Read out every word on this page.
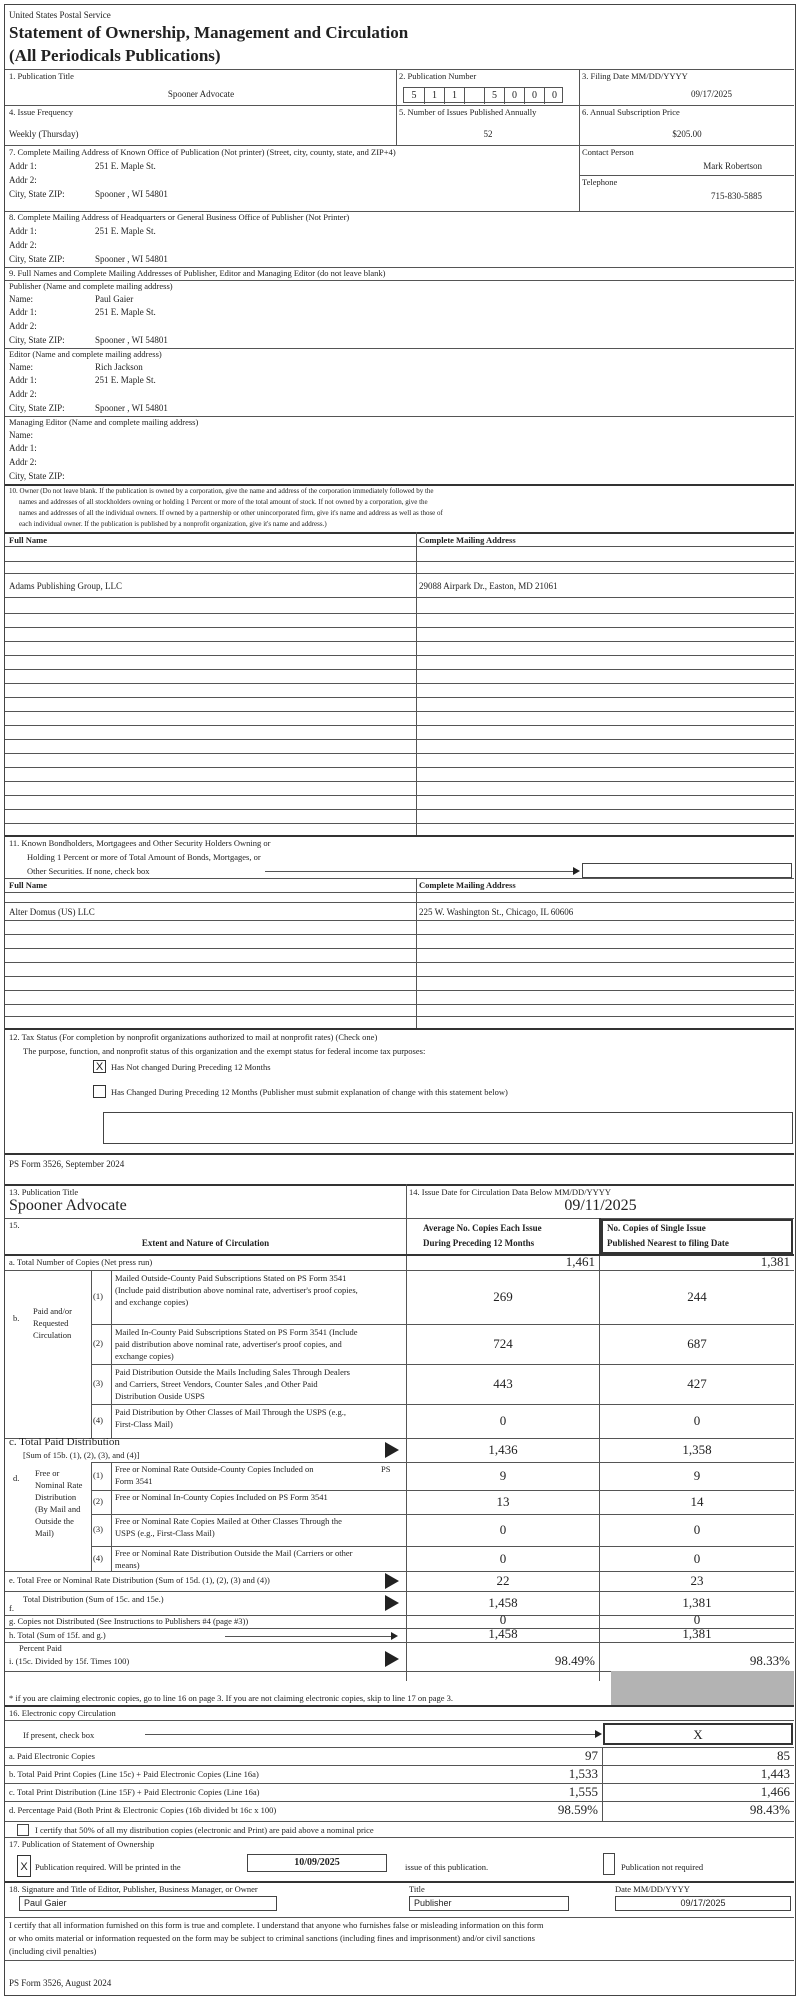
United States Postal Service
Statement of Ownership, Management and Circulation
(All Periodicals Publications)
1. Publication Title
Spooner Advocate
2. Publication Number
5	1	1	5	0	0	0
3. Filing Date MM/DD/YYYY
09/17/2025
4. Issue Frequency
Weekly (Thursday)
5. Number of Issues Published Annually
52
6. Annual Subscription Price
$205.00
7. Complete Mailing Address of Known Office of Publication (Not printer) (Street, city, county, state, and ZIP+4)
Addr 1:	251 E. Maple St.
Addr 2:
City, State ZIP:	Spooner , WI 54801
Contact Person
Mark Robertson
Telephone
715-830-5885
8. Complete Mailing Address of Headquarters or General Business Office of Publisher (Not Printer)
Addr 1:	251 E. Maple St.
Addr 2:
City, State ZIP:	Spooner , WI 54801
9. Full Names and Complete Mailing Addresses of Publisher, Editor and Managing Editor (do not leave blank)
Publisher (Name and complete mailing address)
Name:	Paul Gaier
Addr 1:	251 E. Maple St.
Addr 2:
City, State ZIP:	Spooner , WI 54801
Editor (Name and complete mailing address)
Name:	Rich Jackson
Addr 1:	251 E. Maple St.
Addr 2:
City, State ZIP:	Spooner , WI 54801
Managing Editor (Name and complete mailing address)
Name:
Addr 1:
Addr 2:
City, State ZIP:
10. Owner (Do not leave blank. If the publication is owned by a corporation, give the name and address of the corporation immediately followed by the
names and addresses of all stockholders owning or holding 1 Percent or more of the total amount of stock. If not owned by a corporation, give the
names and addresses of all the individual owners. If owned by a partnership or other unincorporated firm, give it's name and address as well as those of
each individual owner. If the publication is published by a nonprofit organization, give it's name and address.)
Full Name	Complete Mailing Address
Adams Publishing Group, LLC	29088 Airpark Dr., Easton, MD 21061
11. Known Bondholders, Mortgagees and Other Security Holders Owning or
Holding 1 Percent or more of Total Amount of Bonds, Mortgages, or
Other Securities. If none, check box
Full Name	Complete Mailing Address
Alter Domus (US) LLC	225 W. Washington St., Chicago, IL 60606
12. Tax Status (For completion by nonprofit organizations authorized to mail at nonprofit rates) (Check one)
The purpose, function, and nonprofit status of this organization and the exempt status for federal income tax purposes:
X Has Not changed During Preceding 12 Months
Has Changed During Preceding 12 Months (Publisher must submit explanation of change with this statement below)
PS Form 3526, September 2024
13. Publication Title
Spooner Advocate
14. Issue Date for Circulation Data Below MM/DD/YYYY
09/11/2025
15.
Extent and Nature of Circulation
Average No. Copies Each Issue
During Preceding 12 Months
No. Copies of Single Issue
Published Nearest to filing Date
a. Total Number of Copies (Net press run)	1,461	1,381
b.
Paid and/or
Requested
Circulation
c. Total Paid Distribution
[Sum of 15b. (1), (2), (3), and (4)]	1,436	1,358
d. Free or
Nominal Rate
Distribution
(By Mail and
Outside the
Mail)
e. Total Free or Nominal Rate Distribution (Sum of 15d. (1), (2), (3) and (4))	22	23
Total Distribution (Sum of 15c. and 15e.)
f.	1,458	1,381
g. Copies not Distributed (See Instructions to Publishers #4 (page #3))	0	0
h. Total (Sum of 15f. and g.)	1,458	1,381
Percent Paid
i. (15c. Divided by 15f. Times 100)	98.49%	98.33%
* if you are claiming electronic copies, go to line 16 on page 3. If you are not claiming electronic copies, skip to line 17 on page 3.
16. Electronic copy Circulation
If present, check box	X
I certify that 50% of all my distribution copies (electronic and Print) are paid above a nominal price
17. Publication of Statement of Ownership
X Publication required. Will be printed in the	10/09/2025	issue of this publication.	Publication not required
18. Signature and Title of Editor, Publisher, Business Manager, or Owner
Paul Gaier
Title
Publisher
Date MM/DD/YYYY
09/17/2025
I certify that all information furnished on this form is true and complete. I understand that anyone who furnishes false or misleading information on this form
or who omits material or information requested on the form may be subject to criminal sanctions (including fines and imprisonment) and/or civil sanctions
(including civil penalties)
PS Form 3526, August 2024
(1)
Mailed Outside-County Paid Subscriptions Stated on PS Form 3541
(Include paid distribution above nominal rate, advertiser's proof copies,
and exchange copies)	269	244
(2)
Mailed In-County Paid Subscriptions Stated on PS Form 3541 (Include
paid distribution above nominal rate, advertiser's proof copies, and
exchange copies)
724	687
(3)
Paid Distribution Outside the Mails Including Sales Through Dealers
and Carriers, Street Vendors, Counter Sales ,and Other Paid
Distribution Ouside USPS
443	427
(4)
Paid Distribution by Other Classes of Mail Through the USPS (e.g.,
First-Class Mail)	0	0
(1)
Free or Nominal Rate Outside-County Copies Included on
Form 3541
PS	9	9
(2) Free or Nominal In-County Copies Included on PS Form 3541	13	14
(3)
Free or Nominal Rate Copies Mailed at Other Classes Through the
USPS (e.g., First-Class Mail)	0	0
(4) Free or Nominal Rate Distribution Outside the Mail (Carriers or other
means)	0	0
a. Paid Electronic Copies	97	85
b. Total Paid Print Copies (Line 15c) + Paid Electronic Copies (Line 16a)	1,533	1,443
c. Total Print Distribution (Line 15F) + Paid Electronic Copies (Line 16a)	1,555	1,466
d. Percentage Paid (Both Print & Electronic Copies (16b divided bt 16c x 100)	98.59%	98.43%
